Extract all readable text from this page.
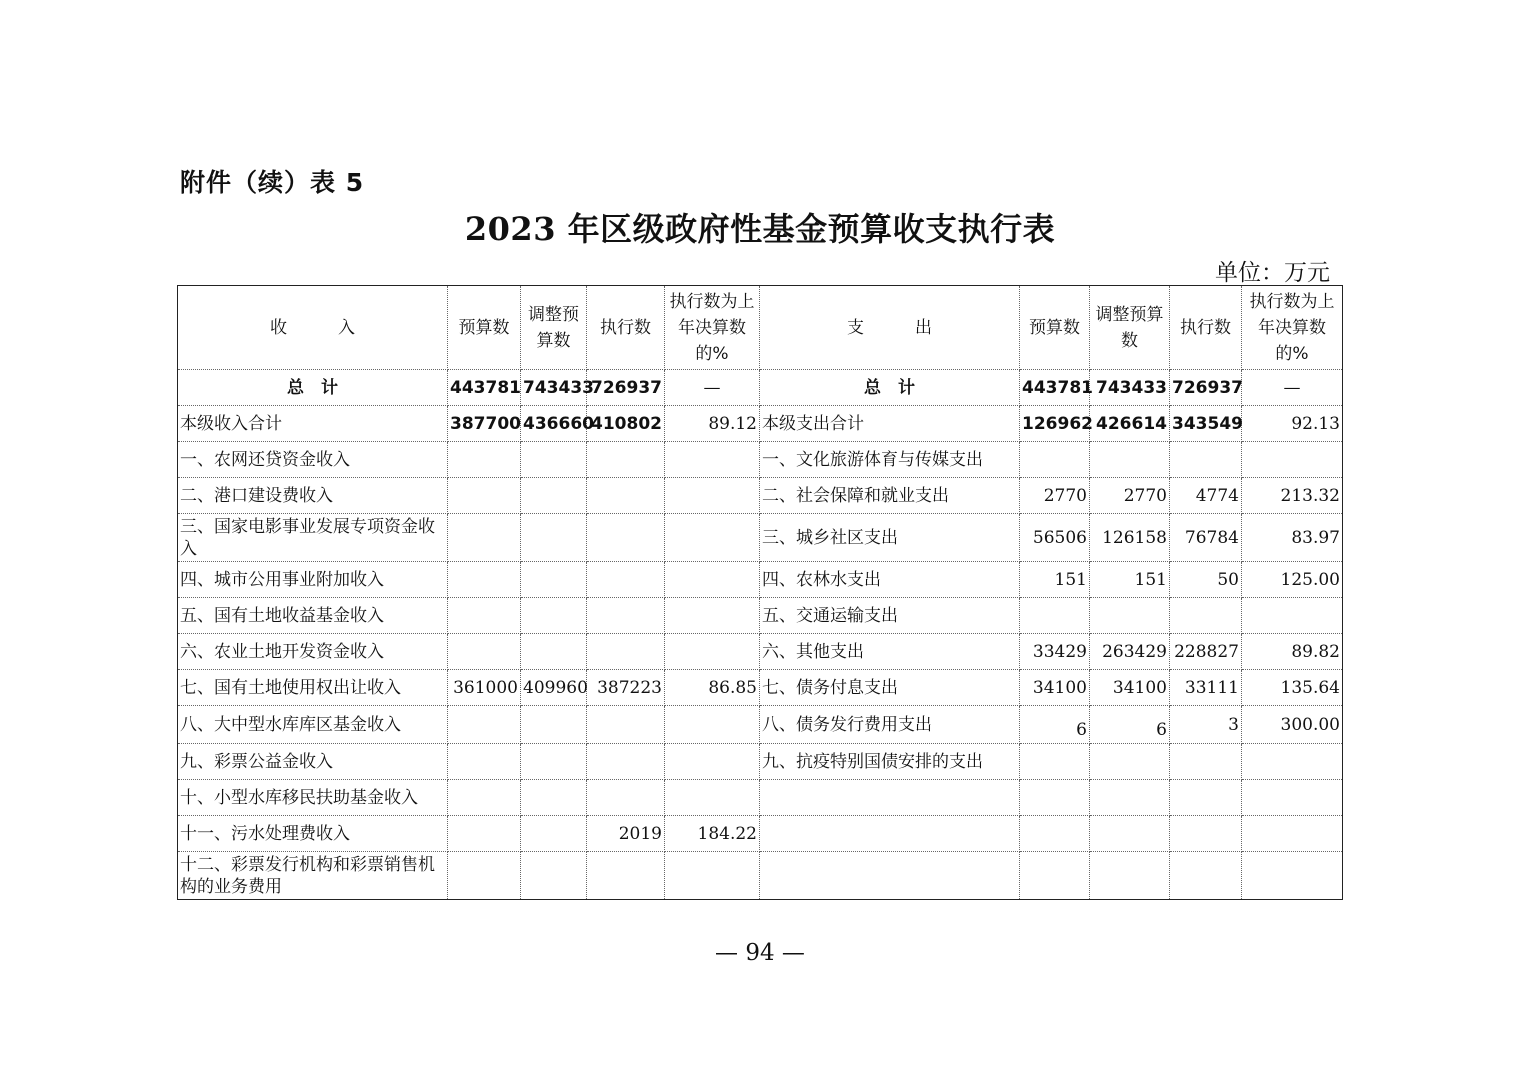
附件（续）表 5
2023 年区级政府性基金预算收支执行表
单位：万元
收　　　入	预算数	调整预算数	执行数	执行数为上年决算数的%	支　　　出	预算数	调整预算数	执行数	执行数为上年决算数的%
总　计	443781	743433	726937	—	总　计	443781	743433	726937	—
本级收入合计	387700	436660	410802	89.12	本级支出合计	126962	426614	343549	92.13
一、农网还贷资金收入					一、文化旅游体育与传媒支出				
二、港口建设费收入					二、社会保障和就业支出	2770	2770	4774	213.32
三、国家电影事业发展专项资金收入					三、城乡社区支出	56506	126158	76784	83.97
四、城市公用事业附加收入					四、农林水支出	151	151	50	125.00
五、国有土地收益基金收入					五、交通运输支出				
六、农业土地开发资金收入					六、其他支出	33429	263429	228827	89.82
七、国有土地使用权出让收入	361000	409960	387223	86.85	七、债务付息支出	34100	34100	33111	135.64
八、大中型水库库区基金收入					八、债务发行费用支出	6	6	3	300.00
九、彩票公益金收入					九、抗疫特别国债安排的支出				
十、小型水库移民扶助基金收入									
十一、污水处理费收入			2019	184.22					
十二、彩票发行机构和彩票销售机构的业务费用									
— 94 —
